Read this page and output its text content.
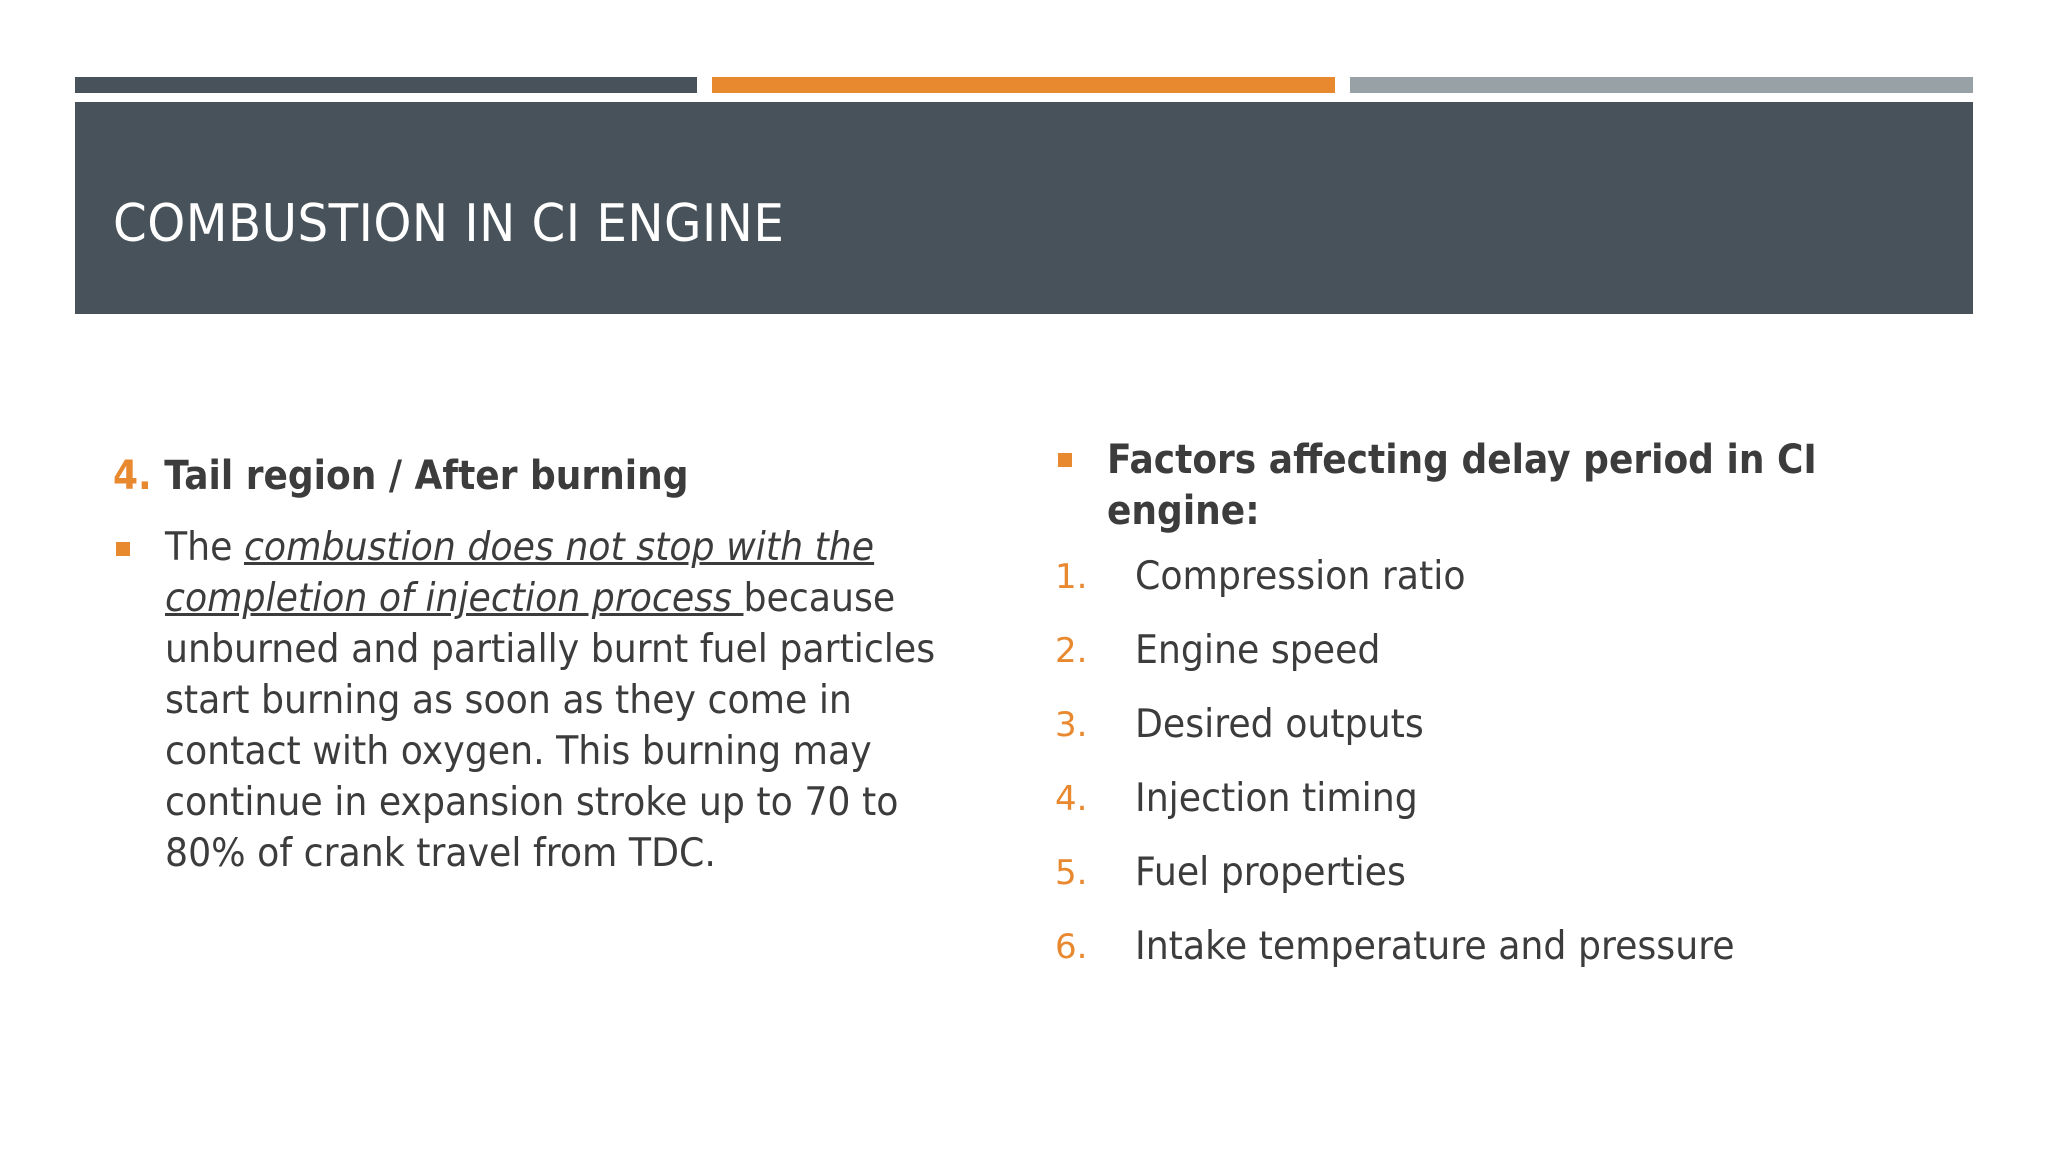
COMBUSTION IN CI ENGINE
4. Tail region / After burning
The combustion does not stop with the completion of injection process because unburned and partially burnt fuel particles start burning as soon as they come in contact with oxygen. This burning may continue in expansion stroke up to 70 to 80% of crank travel from TDC.
Factors affecting delay period in CI engine:
1. Compression ratio
2. Engine speed
3. Desired outputs
4. Injection timing
5. Fuel properties
6. Intake temperature and pressure
